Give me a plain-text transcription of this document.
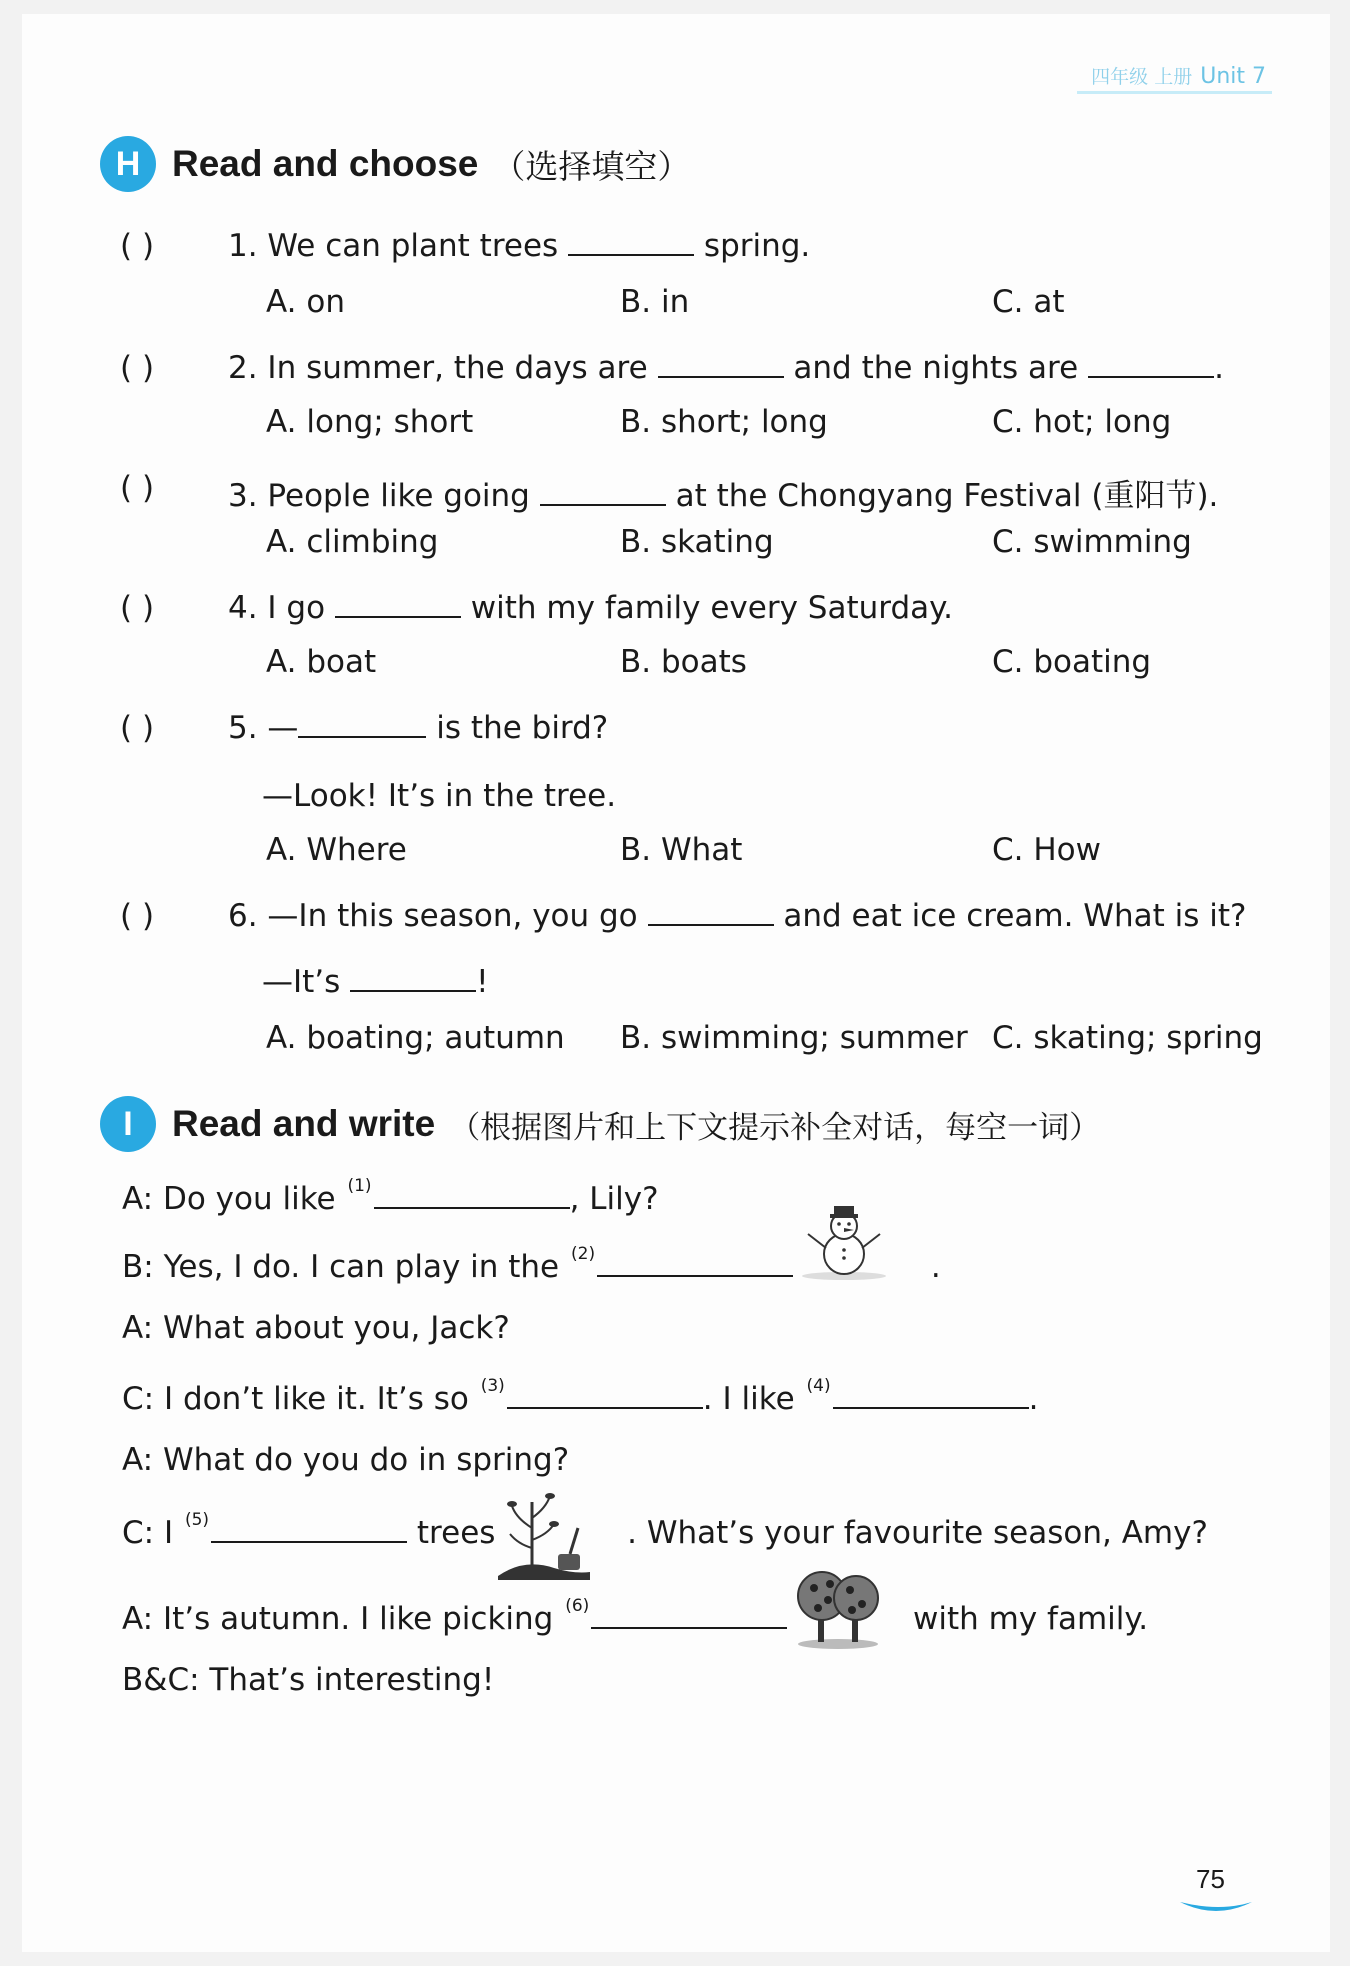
四年级 上册 Unit 7
H Read and choose （选择填空）
( ) 1. We can plant trees	spring.
A. on	B. in	C. at
( ) 2. In summer, the days are	and the nights are	.
A. long; short	B. short; long	C. hot; long
( ) 3. People like going	at the Chongyang Festival (重阳节).
A. climbing	B. skating	C. swimming
( ) 4. I go	with my family every Saturday.
A. boat	B. boats	C. boating
( ) 5. —	is the bird?
—Look! It’s in the tree.
A. Where	B. What	C. How
( ) 6. —In this season, you go	and eat ice cream. What is it?
—It’s	!
A. boating; autumn B. swimming; summer C. skating; spring
I	Read and write （根据图片和上下文提示补全对话，每空一词）
A: Do you like $^{(1)}$	, Lily?
B: Yes, I do. I can play in the $^{(2)}$	.
A: What about you, Jack?
C: I don’t like it. It’s so $^{(3)}$	. I like $^{(4)}$	.
A: What do you do in spring?
C: I $^{(5)}$	trees	. What’s your favourite season, Amy?
A: It’s autumn. I like picking $^{(6)}$	with my family.
B&C: That’s interesting!
75
